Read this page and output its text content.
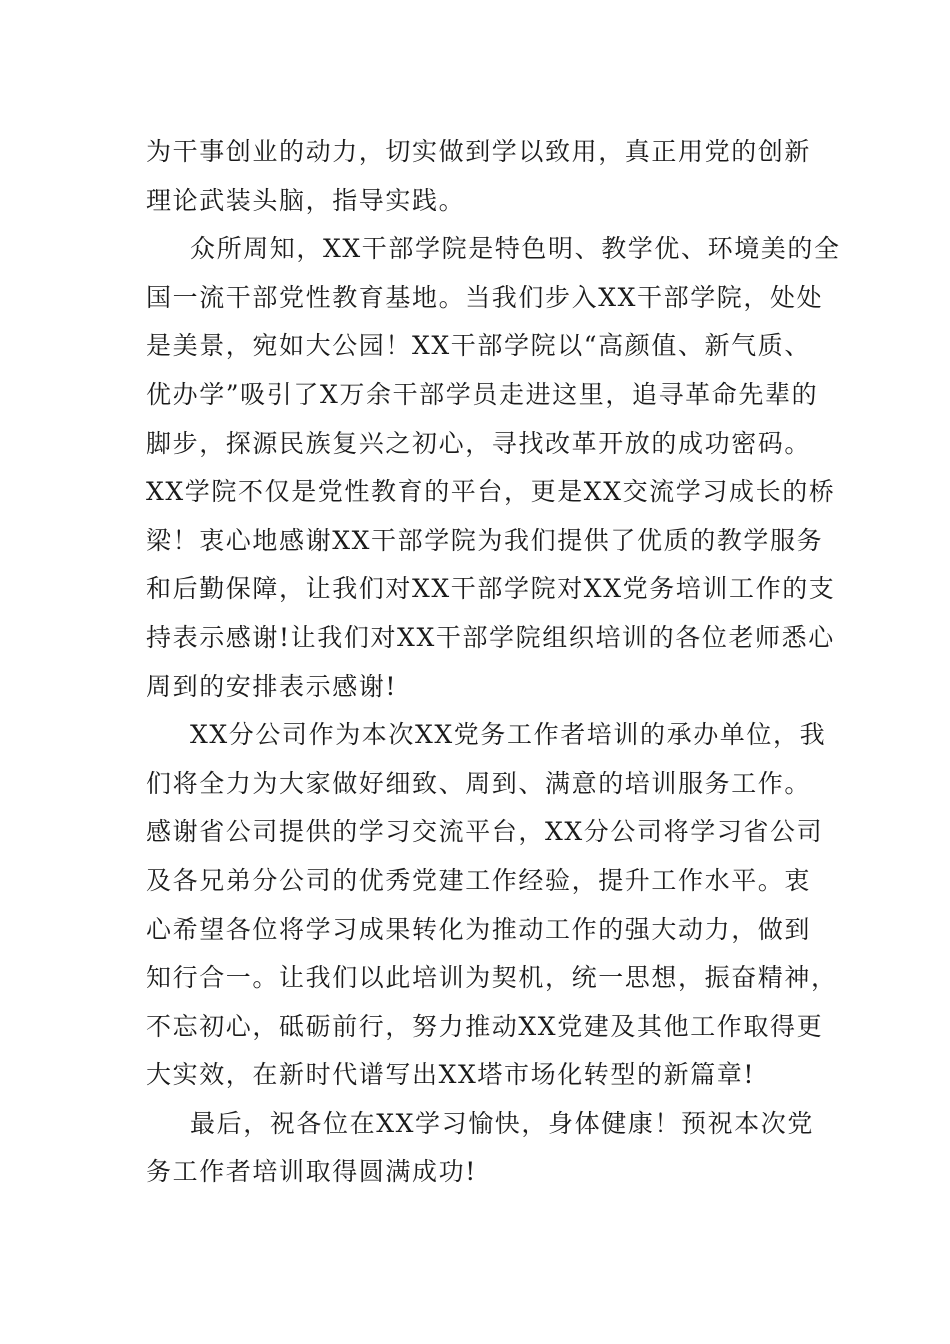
为干事创业的动力，切实做到学以致用，真正用党的创新
理论武装头脑，指导实践。

众所周知，XX干部学院是特色明、教学优、环境美的全
国一流干部党性教育基地。当我们步入XX干部学院，处处
是美景，宛如大公园！XX干部学院以“高颜值、新气质、
优办学”吸引了X万余干部学员走进这里，追寻革命先辈的
脚步，探源民族复兴之初心，寻找改革开放的成功密码。
XX学院不仅是党性教育的平台，更是XX交流学习成长的桥
梁！衷心地感谢XX干部学院为我们提供了优质的教学服务
和后勤保障，让我们对XX干部学院对XX党务培训工作的支
持表示感谢!让我们对XX干部学院组织培训的各位老师悉心
周到的安排表示感谢!

XX分公司作为本次XX党务工作者培训的承办单位，我
们将全力为大家做好细致、周到、满意的培训服务工作。
感谢省公司提供的学习交流平台，XX分公司将学习省公司
及各兄弟分公司的优秀党建工作经验，提升工作水平。衷
心希望各位将学习成果转化为推动工作的强大动力，做到
知行合一。让我们以此培训为契机，统一思想，振奋精神，
不忘初心，砥砺前行，努力推动XX党建及其他工作取得更
大实效，在新时代谱写出XX塔市场化转型的新篇章!

最后，祝各位在XX学习愉快，身体健康！预祝本次党
务工作者培训取得圆满成功!
